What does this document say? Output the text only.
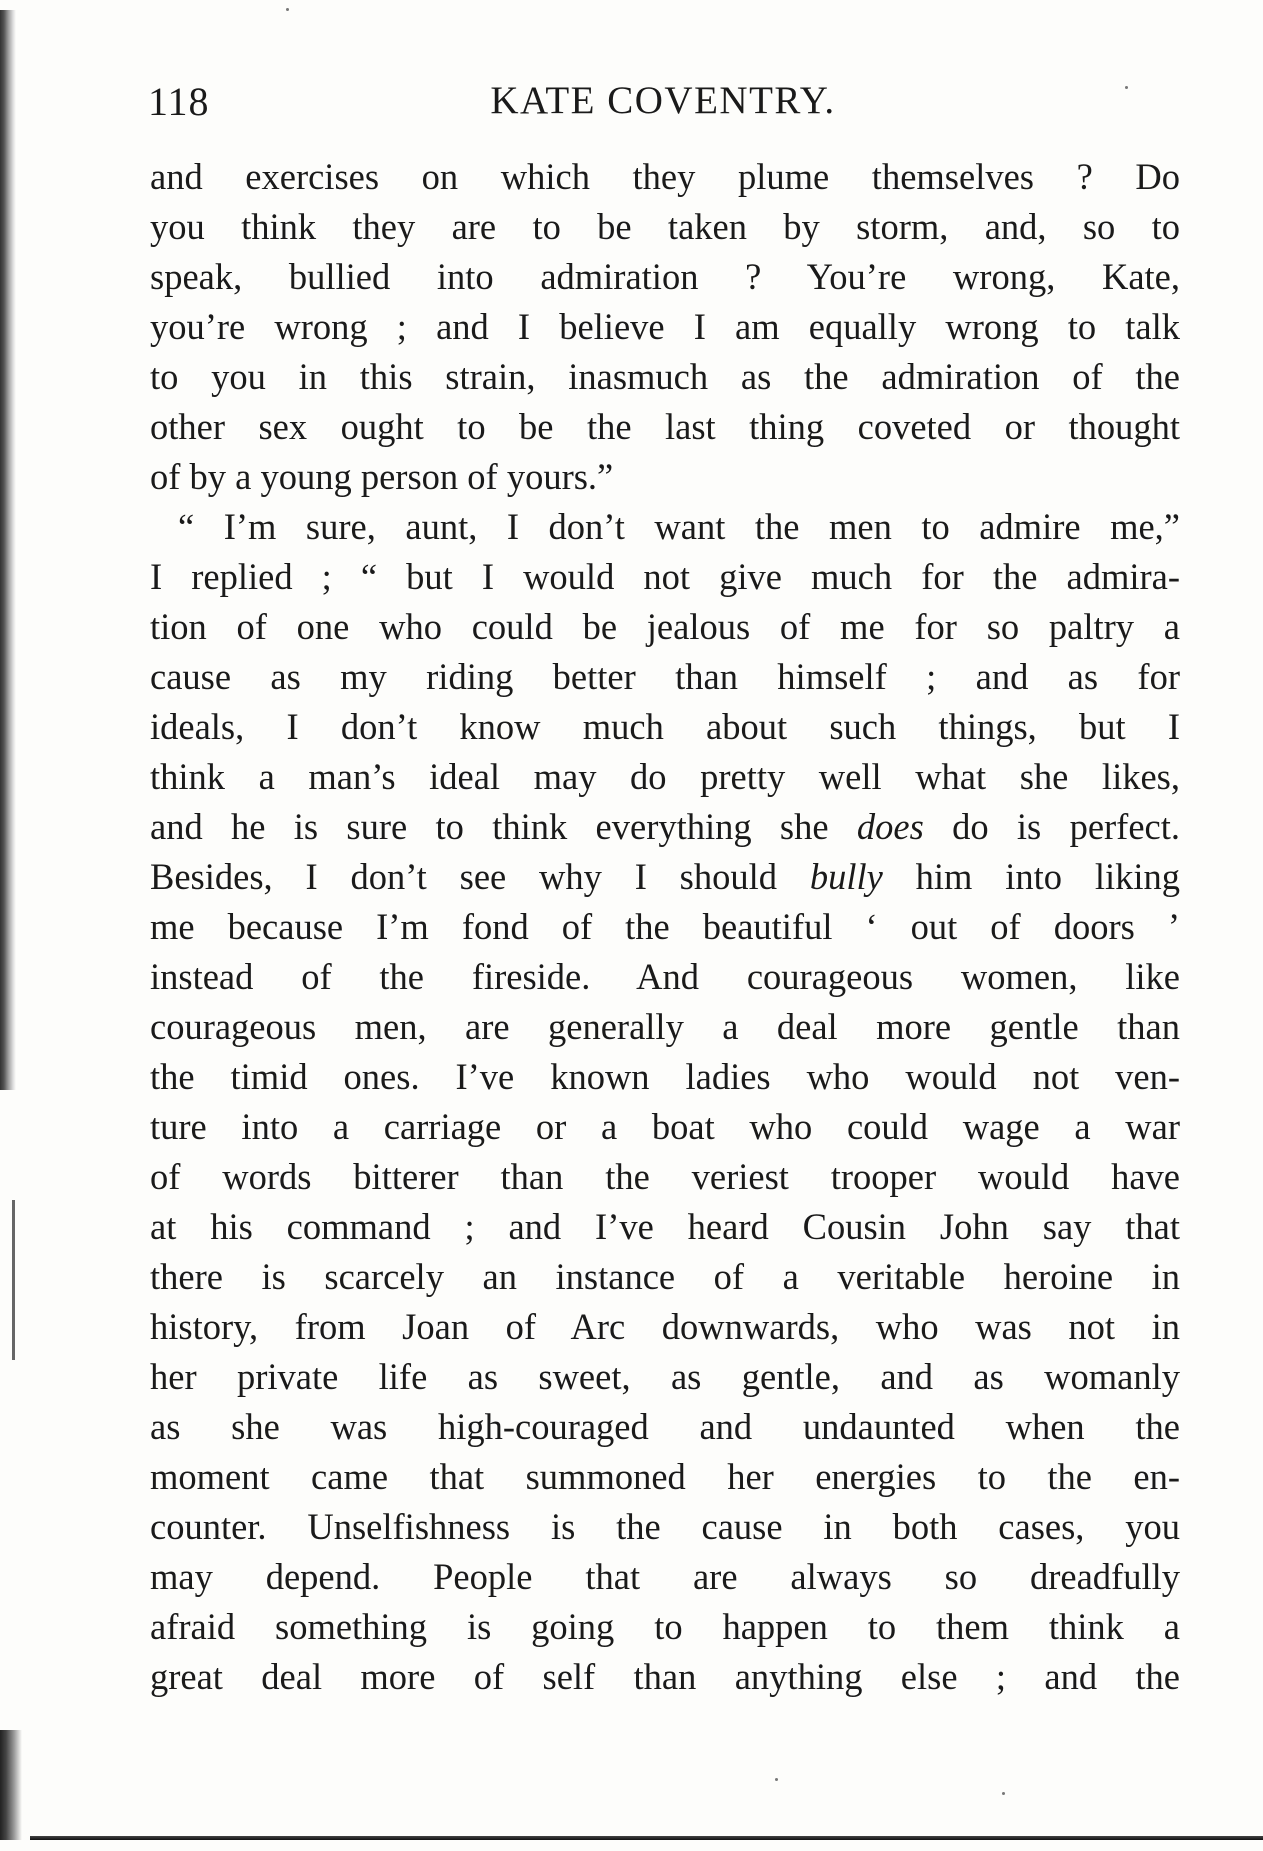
118	KATE COVENTRY.
and exercises on which they plume themselves ? Do
you think they are to be taken by storm, and, so to
speak, bullied into admiration ? You’re wrong, Kate,
you’re wrong ; and I believe I am equally wrong to talk
to you in this strain, inasmuch as the admiration of the
other sex ought to be the last thing coveted or thought
of by a young person of yours.”
“ I’m sure, aunt, I don’t want the men to admire me,”
I replied ; “ but I would not give much for the admira-
tion of one who could be jealous of me for so paltry a
cause as my riding better than himself ; and as for
ideals, I don’t know much about such things, but I
think a man’s ideal may do pretty well what she likes,
and he is sure to think everything she does do is perfect.
Besides, I don’t see why I should bully him into liking
me because I’m fond of the beautiful ‘ out of doors ’
instead of the fireside. And courageous women, like
courageous men, are generally a deal more gentle than
the timid ones. I’ve known ladies who would not ven-
ture into a carriage or a boat who could wage a war
of words bitterer than the veriest trooper would have
at his command ; and I’ve heard Cousin John say that
there is scarcely an instance of a veritable heroine in
history, from Joan of Arc downwards, who was not in
her private life as sweet, as gentle, and as womanly
as she was high-couraged and undaunted when the
moment came that summoned her energies to the en-
counter. Unselfishness is the cause in both cases, you
may depend. People that are always so dreadfully
afraid something is going to happen to them think a
great deal more of self than anything else ; and the
